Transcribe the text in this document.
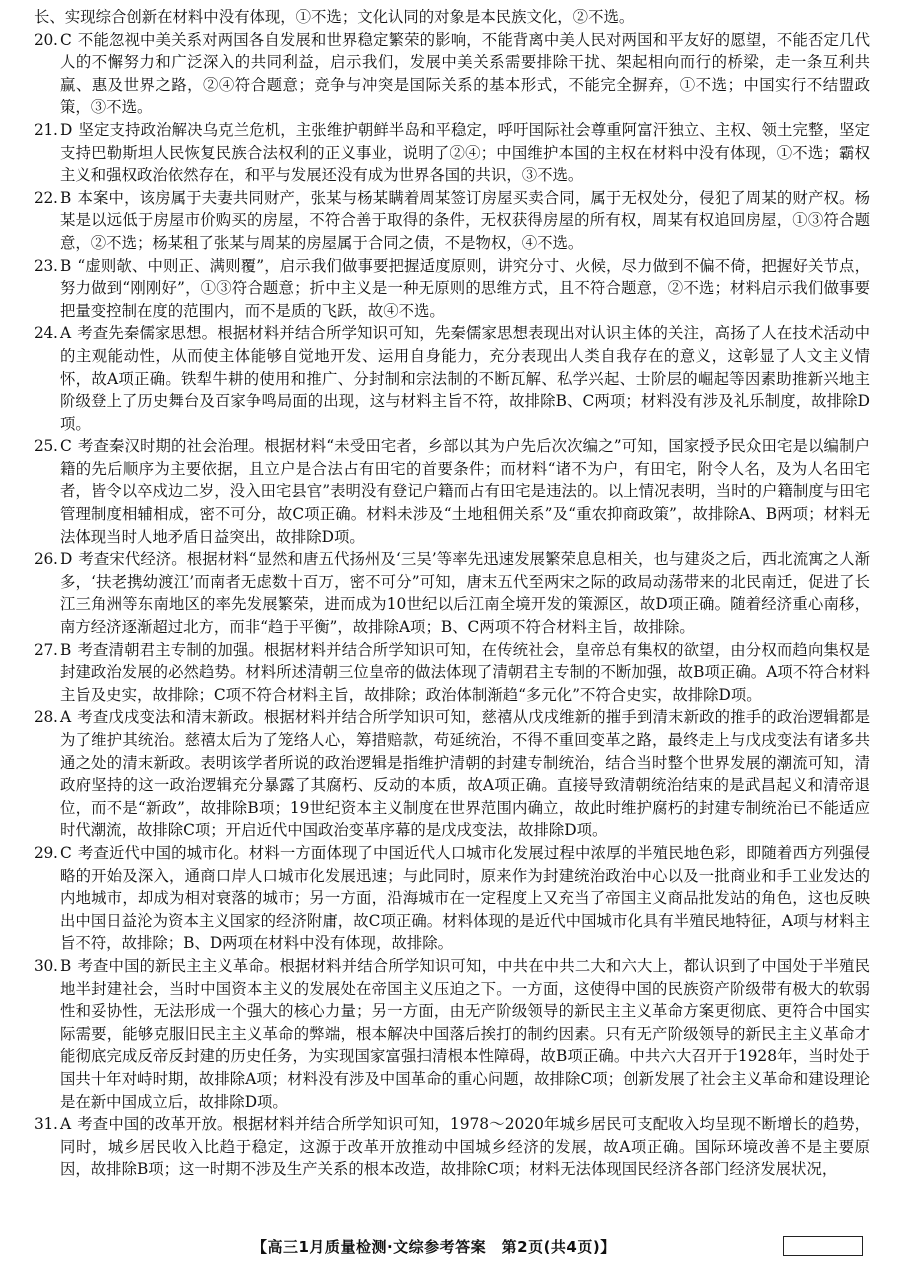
长、实现综合创新在材料中没有体现，①不选；文化认同的对象是本民族文化，②不选。

20. C 不能忽视中美关系对两国各自发展和世界稳定繁荣的影响，不能背离中美人民对两国和平友好的愿望，不能否定几代人的不懈努力和广泛深入的共同利益，启示我们，发展中美关系需要排除干扰、架起相向而行的桥梁，走一条互利共赢、惠及世界之路，②④符合题意；竞争与冲突是国际关系的基本形式，不能完全摒弃，①不选；中国实行不结盟政策，③不选。

21. D 坚定支持政治解决乌克兰危机，主张维护朝鲜半岛和平稳定，呼吁国际社会尊重阿富汗独立、主权、领土完整，坚定支持巴勒斯坦人民恢复民族合法权利的正义事业，说明了②④；中国维护本国的主权在材料中没有体现，①不选；霸权主义和强权政治依然存在，和平与发展还没有成为世界各国的共识，③不选。

22. B 本案中，该房属于夫妻共同财产，张某与杨某瞒着周某签订房屋买卖合同，属于无权处分，侵犯了周某的财产权。杨某是以远低于房屋市价购买的房屋，不符合善于取得的条件，无权获得房屋的所有权，周某有权追回房屋，①③符合题意，②不选；杨某租了张某与周某的房屋属于合同之债，不是物权，④不选。

23. B “虚则欹、中则正、满则覆”，启示我们做事要把握适度原则，讲究分寸、火候，尽力做到不偏不倚，把握好关节点，努力做到“刚刚好”，①③符合题意；折中主义是一种无原则的思维方式，且不符合题意，②不选；材料启示我们做事要把量变控制在度的范围内，而不是质的飞跃，故④不选。

24. A 考查先秦儒家思想。根据材料并结合所学知识可知，先秦儒家思想表现出对认识主体的关注，高扬了人在技术活动中的主观能动性，从而使主体能够自觉地开发、运用自身能力，充分表现出人类自我存在的意义，这彰显了人文主义情怀，故A项正确。铁犁牛耕的使用和推广、分封制和宗法制的不断瓦解、私学兴起、士阶层的崛起等因素助推新兴地主阶级登上了历史舞台及百家争鸣局面的出现，这与材料主旨不符，故排除B、C两项；材料没有涉及礼乐制度，故排除D项。

25. C 考查秦汉时期的社会治理。根据材料“未受田宅者，乡部以其为户先后次次编之”可知，国家授予民众田宅是以编制户籍的先后顺序为主要依据，且立户是合法占有田宅的首要条件；而材料“诸不为户，有田宅，附令人名，及为人名田宅者，皆令以卒戍边二岁，没入田宅县官”表明没有登记户籍而占有田宅是违法的。以上情况表明，当时的户籍制度与田宅管理制度相辅相成，密不可分，故C项正确。材料未涉及“土地租佣关系”及“重农抑商政策”，故排除A、B两项；材料无法体现当时人地矛盾日益突出，故排除D项。

26. D 考查宋代经济。根据材料“显然和唐五代扬州及‘三吴’等率先迅速发展繁荣息息相关，也与建炎之后，西北流寓之人渐多，‘扶老携幼渡江’而南者无虑数十百万，密不可分”可知，唐末五代至两宋之际的政局动荡带来的北民南迁，促进了长江三角洲等东南地区的率先发展繁荣，进而成为10世纪以后江南全境开发的策源区，故D项正确。随着经济重心南移，南方经济逐渐超过北方，而非“趋于平衡”，故排除A项；B、C两项不符合材料主旨，故排除。

27. B 考查清朝君主专制的加强。根据材料并结合所学知识可知，在传统社会，皇帝总有集权的欲望，由分权而趋向集权是封建政治发展的必然趋势。材料所述清朝三位皇帝的做法体现了清朝君主专制的不断加强，故B项正确。A项不符合材料主旨及史实，故排除；C项不符合材料主旨，故排除；政治体制渐趋“多元化”不符合史实，故排除D项。

28. A 考查戊戌变法和清末新政。根据材料并结合所学知识可知，慈禧从戊戌维新的摧手到清末新政的推手的政治逻辑都是为了维护其统治。慈禧太后为了笼络人心，筹措赔款，苟延统治，不得不重回变革之路，最终走上与戊戌变法有诸多共通之处的清末新政。表明该学者所说的政治逻辑是指维护清朝的封建专制统治，结合当时整个世界发展的潮流可知，清政府坚持的这一政治逻辑充分暴露了其腐朽、反动的本质，故A项正确。直接导致清朝统治结束的是武昌起义和清帝退位，而不是“新政”，故排除B项；19世纪资本主义制度在世界范围内确立，故此时维护腐朽的封建专制统治已不能适应时代潮流，故排除C项；开启近代中国政治变革序幕的是戊戌变法，故排除D项。

29. C 考查近代中国的城市化。材料一方面体现了中国近代人口城市化发展过程中浓厚的半殖民地色彩，即随着西方列强侵略的开始及深入，通商口岸人口城市化发展迅速；与此同时，原来作为封建统治政治中心以及一批商业和手工业发达的内地城市，却成为相对衰落的城市；另一方面，沿海城市在一定程度上又充当了帝国主义商品批发站的角色，这也反映出中国日益沦为资本主义国家的经济附庸，故C项正确。材料体现的是近代中国城市化具有半殖民地特征，A项与材料主旨不符，故排除；B、D两项在材料中没有体现，故排除。

30. B 考查中国的新民主主义革命。根据材料并结合所学知识可知，中共在中共二大和六大上，都认识到了中国处于半殖民地半封建社会，当时中国资本主义的发展处在帝国主义压迫之下。一方面，这使得中国的民族资产阶级带有极大的软弱性和妥协性，无法形成一个强大的核心力量；另一方面，由无产阶级领导的新民主主义革命方案更彻底、更符合中国实际需要，能够克服旧民主主义革命的弊端，根本解决中国落后挨打的制约因素。只有无产阶级领导的新民主主义革命才能彻底完成反帝反封建的历史任务，为实现国家富强扫清根本性障碍，故B项正确。中共六大召开于1928年，当时处于国共十年对峙时期，故排除A项；材料没有涉及中国革命的重心问题，故排除C项；创新发展了社会主义革命和建设理论是在新中国成立后，故排除D项。

31. A 考查中国的改革开放。根据材料并结合所学知识可知，1978～2020年城乡居民可支配收入均呈现不断增长的趋势，同时，城乡居民收入比趋于稳定，这源于改革开放推动中国城乡经济的发展，故A项正确。国际环境改善不是主要原因，故排除B项；这一时期不涉及生产关系的根本改造，故排除C项；材料无法体现国民经济各部门经济发展状况，

【高三1月质量检测·文综参考答案　第2页(共4页)】
